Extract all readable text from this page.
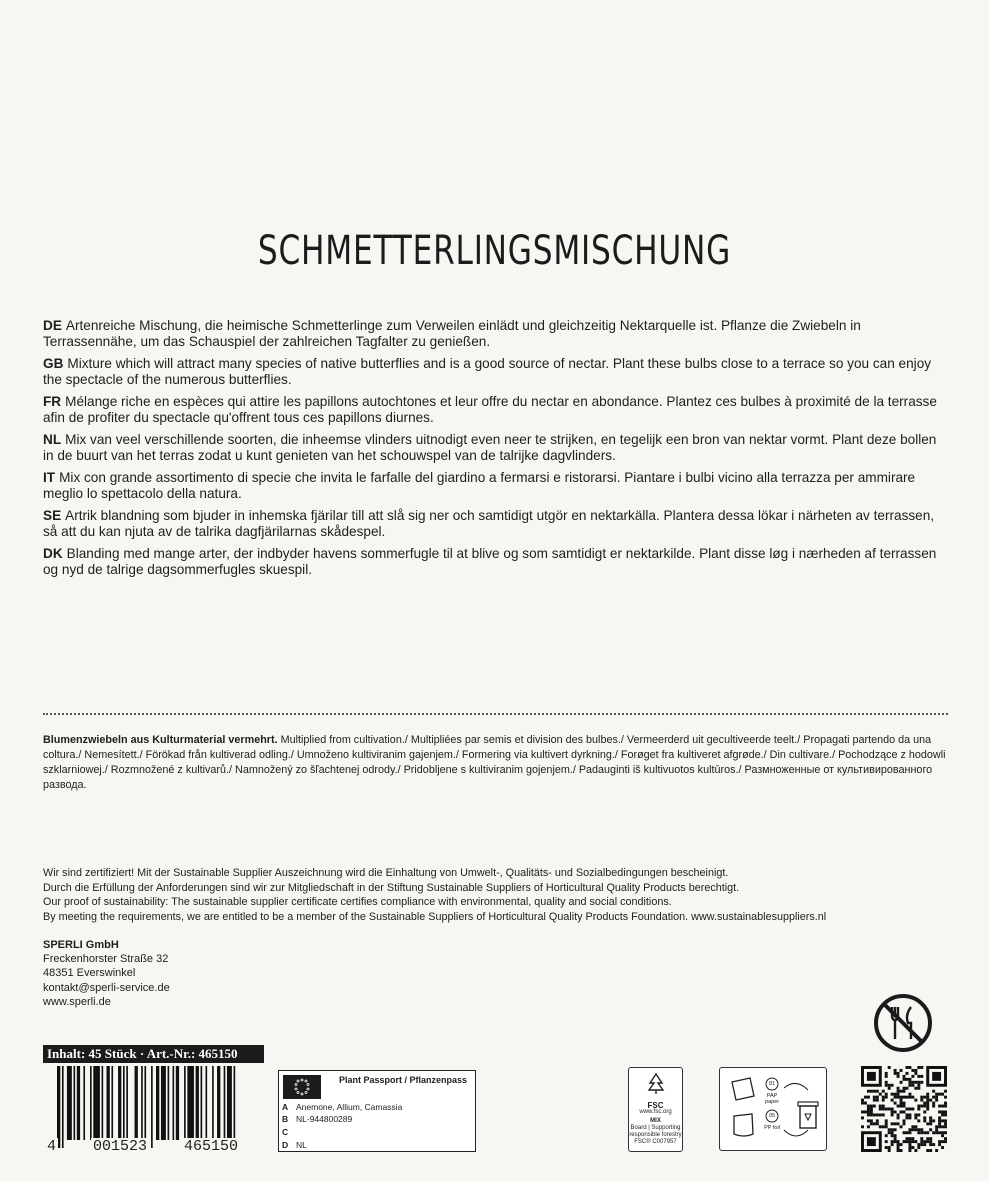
SCHMETTERLINGSMISCHUNG

DE Artenreiche Mischung, die heimische Schmetterlinge zum Verweilen einlädt und gleichzeitig Nektarquelle ist. Pflanze die Zwiebeln in Terrassennähe, um das Schauspiel der zahlreichen Tagfalter zu genießen.

GB Mixture which will attract many species of native butterflies and is a good source of nectar. Plant these bulbs close to a terrace so you can enjoy the spectacle of the numerous butterflies.

FR Mélange riche en espèces qui attire les papillons autochtones et leur offre du nectar en abondance. Plantez ces bulbes à proximité de la terrasse afin de profiter du spectacle qu'offrent tous ces papillons diurnes.

NL Mix van veel verschillende soorten, die inheemse vlinders uitnodigt even neer te strijken, en tegelijk een bron van nektar vormt. Plant deze bollen in de buurt van het terras zodat u kunt genieten van het schouwspel van de talrijke dagvlinders.

IT Mix con grande assortimento di specie che invita le farfalle del giardino a fermarsi e ristorarsi. Piantare i bulbi vicino alla terrazza per ammirare meglio lo spettacolo della natura.

SE Artrik blandning som bjuder in inhemska fjärilar till att slå sig ner och samtidigt utgör en nektarkälla. Plantera dessa lökar i närheten av terrassen, så att du kan njuta av de talrika dagfjärilarnas skådespel.

DK Blanding med mange arter, der indbyder havens sommerfugle til at blive og som samtidigt er nektarkilde. Plant disse løg i nærheden af terrassen og nyd de talrige dagsommerfugles skuespil.

Blumenzwiebeln aus Kulturmaterial vermehrt. Multiplied from cultivation./ Multipliées par semis et division des bulbes./ Vermeerderd uit gecultiveerde teelt./ Propagati partendo da una coltura./ Nemesített./ Förökad från kultiverad odling./ Umnoženo kultiviranim gajenjem./ Formering via kultivert dyrkning./ Forøget fra kultiveret afgrøde./ Din cultivare./ Pochodzące z hodowli szklarniowej./ Rozmnožené z kultivarů./ Namnožený zo šľachtenej odrody./ Pridobljene s kultiviranim gojenjem./ Padauginti iš kultivuotos kultūros./ Размноженные от культивированного развода.
Wir sind zertifiziert! Mit der Sustainable Supplier Auszeichnung wird die Einhaltung von Umwelt-, Qualitäts- und Sozialbedingungen bescheinigt.
Durch die Erfüllung der Anforderungen sind wir zur Mitgliedschaft in der Stiftung Sustainable Suppliers of Horticultural Quality Products berechtigt.
Our proof of sustainability: The sustainable supplier certificate certifies compliance with environmental, quality and social conditions.
By meeting the requirements, we are entitled to be a member of the Sustainable Suppliers of Horticultural Quality Products Foundation. www.sustainablesuppliers.nl
SPERLI GmbH
Freckenhorster Straße 32
48351 Everswinkel
kontakt@sperli-service.de
www.sperli.de
Inhalt: 45 Stück · Art.-Nr.: 465150
4 001523 465150
Plant Passport / Pflanzenpass
A Anemone, Allium, Camassia
B NL-944800289
C
D NL
FSC
www.fsc.org
MIX
Board | Supporting responsible forestry
FSC® C007957
81
PAP paper
05
PP foil
